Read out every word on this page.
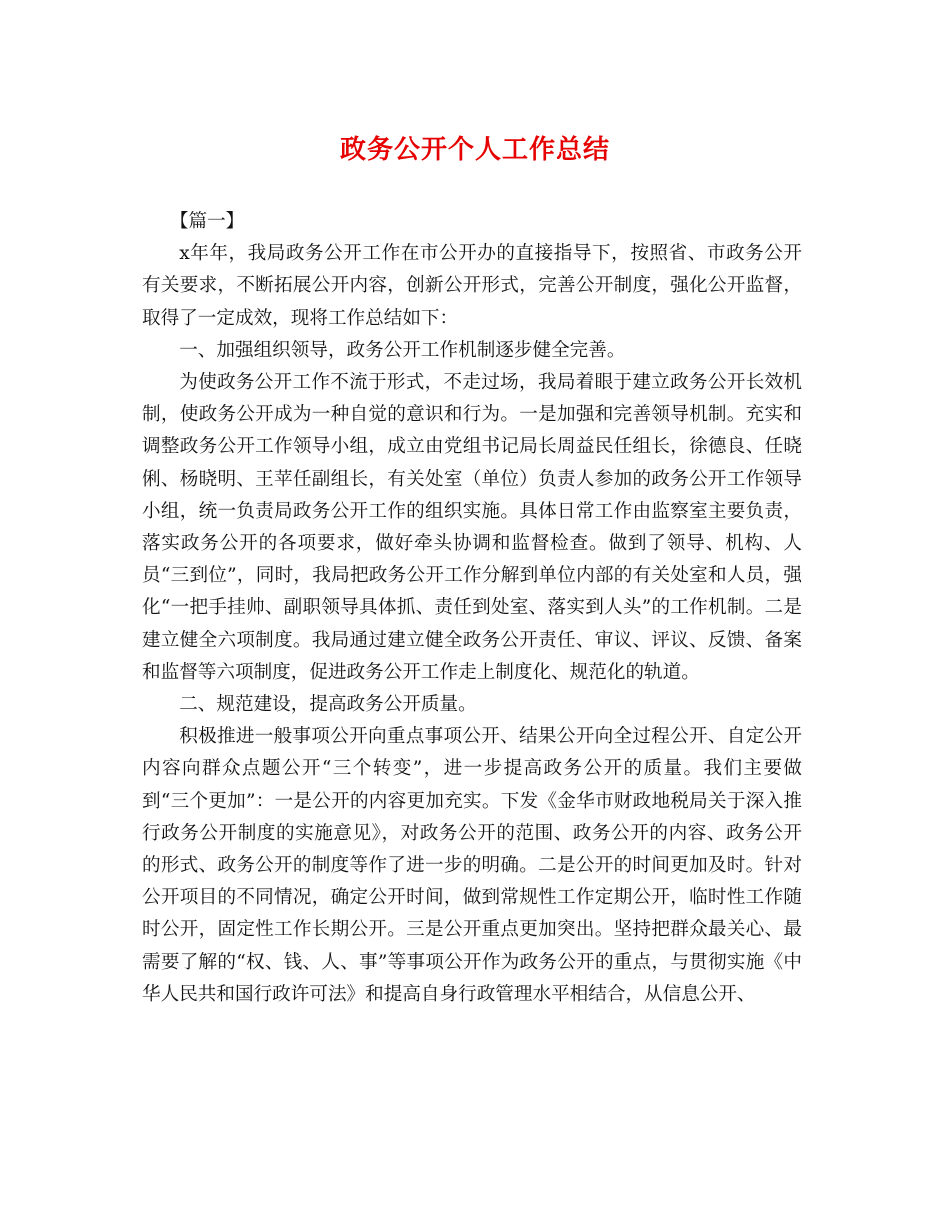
政务公开个人工作总结

【篇一】

x年年，我局政务公开工作在市公开办的直接指导下，按照省、市政务公开有关要求，不断拓展公开内容，创新公开形式，完善公开制度，强化公开监督，取得了一定成效，现将工作总结如下：

一、加强组织领导，政务公开工作机制逐步健全完善。

为使政务公开工作不流于形式，不走过场，我局着眼于建立政务公开长效机制，使政务公开成为一种自觉的意识和行为。一是加强和完善领导机制。充实和调整政务公开工作领导小组，成立由党组书记局长周益民任组长，徐德良、任晓俐、杨晓明、王苹任副组长，有关处室（单位）负责人参加的政务公开工作领导小组，统一负责局政务公开工作的组织实施。具体日常工作由监察室主要负责，落实政务公开的各项要求，做好牵头协调和监督检查。做到了领导、机构、人员“三到位”，同时，我局把政务公开工作分解到单位内部的有关处室和人员，强化“一把手挂帅、副职领导具体抓、责任到处室、落实到人头”的工作机制。二是建立健全六项制度。我局通过建立健全政务公开责任、审议、评议、反馈、备案和监督等六项制度，促进政务公开工作走上制度化、规范化的轨道。

二、规范建设，提高政务公开质量。

积极推进一般事项公开向重点事项公开、结果公开向全过程公开、自定公开内容向群众点题公开“三个转变”，进一步提高政务公开的质量。我们主要做到“三个更加”：一是公开的内容更加充实。下发《金华市财政地税局关于深入推行政务公开制度的实施意见》，对政务公开的范围、政务公开的内容、政务公开的形式、政务公开的制度等作了进一步的明确。二是公开的时间更加及时。针对公开项目的不同情况，确定公开时间，做到常规性工作定期公开，临时性工作随时公开，固定性工作长期公开。三是公开重点更加突出。坚持把群众最关心、最需要了解的“权、钱、人、事”等事项公开作为政务公开的重点，与贯彻实施《中华人民共和国行政许可法》和提高自身行政管理水平相结合，从信息公开、
